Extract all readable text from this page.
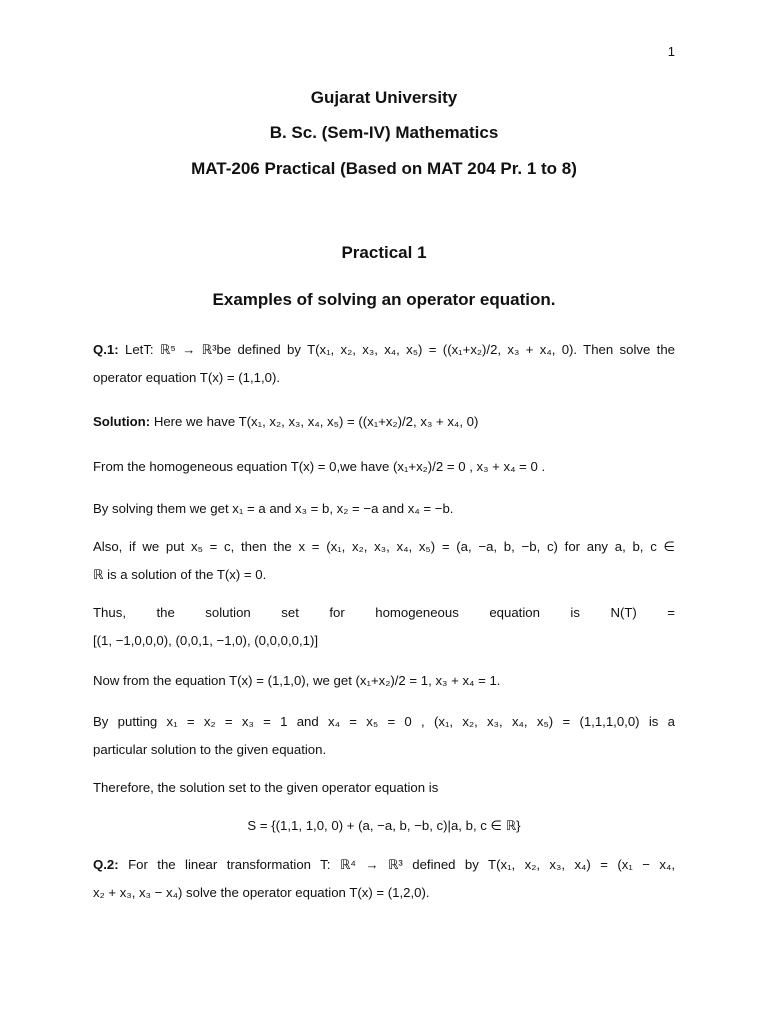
1
Gujarat University
B. Sc. (Sem-IV) Mathematics
MAT-206 Practical (Based on MAT 204 Pr. 1 to 8)
Practical 1
Examples of solving an operator equation.
Q.1: LetT: ℝ⁵ → ℝ³be defined by T(x₁, x₂, x₃, x₄, x₅) = ((x₁+x₂)/2, x₃ + x₄, 0). Then solve the
operator equation T(x) = (1,1,0).
Solution: Here we have T(x₁, x₂, x₃, x₄, x₅) = ((x₁+x₂)/2, x₃ + x₄, 0)
From the homogeneous equation T(x) = 0,we have (x₁+x₂)/2 = 0 , x₃ + x₄ = 0 .
By solving them we get x₁ = a and x₃ = b, x₂ = −a and x₄ = −b.
Also, if we put x₅ = c, then the x = (x₁, x₂, x₃, x₄, x₅) = (a, −a, b, −b, c) for any a, b, c ∈
ℝ is a solution of the T(x) = 0.
Thus, the solution set for homogeneous equation is N(T) =
[(1, −1,0,0,0), (0,0,1, −1,0), (0,0,0,0,1)]
Now from the equation T(x) = (1,1,0), we get (x₁+x₂)/2 = 1, x₃ + x₄ = 1.
By putting x₁ = x₂ = x₃ = 1 and x₄ = x₅ = 0 , (x₁, x₂, x₃, x₄, x₅) = (1,1,1,0,0) is a
particular solution to the given equation.
Therefore, the solution set to the given operator equation is
S = {(1,1, 1,0, 0) + (a, −a, b, −b, c)|a, b, c ∈ ℝ}
Q.2: For the linear transformation T: ℝ⁴ → ℝ³ defined by T(x₁, x₂, x₃, x₄) = (x₁ − x₄,
x₂ + x₃, x₃ − x₄) solve the operator equation T(x) = (1,2,0).
